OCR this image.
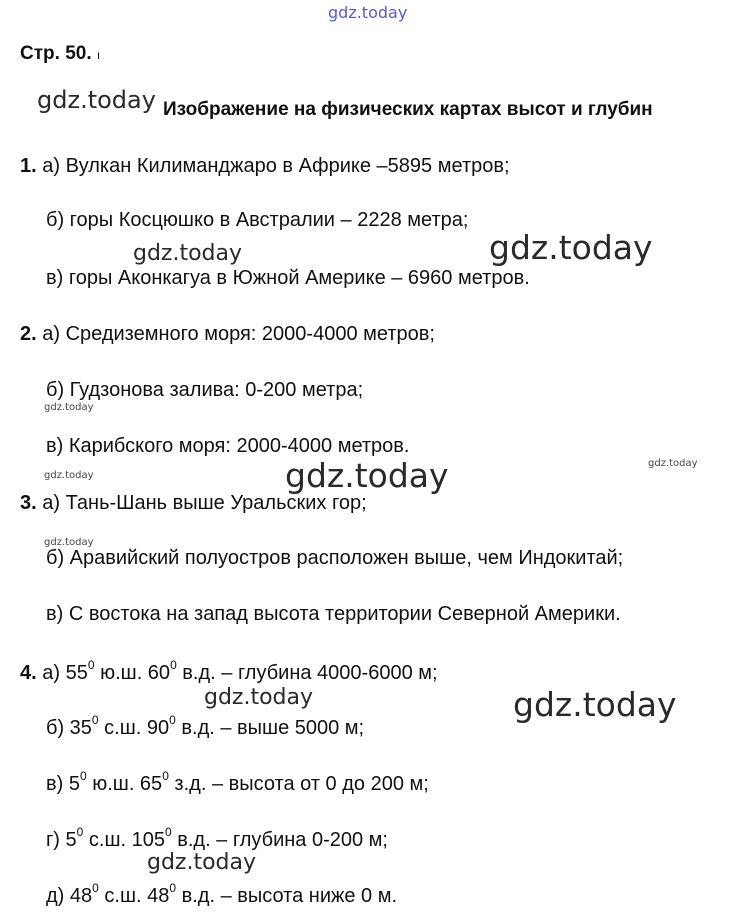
gdz.today
gdz.today
gdz.today	gdz.today
gdz.today
gdz.today	gdz.today	gdz.today
gdz.today
gdz.today	gdz.today
gdz.today
Стр. 50. ı
Изображение на физических картах высот и глубин
1. а) Вулкан Килиманджаро в Африке –5895 метров;
б) горы Косцюшко в Австралии – 2228 метра;
в) горы Аконкагуа в Южной Америке – 6960 метров.
2. а) Средиземного моря: 2000-4000 метров;
б) Гудзонова залива: 0-200 метра;
в) Карибского моря: 2000-4000 метров.
3. а) Тань-Шань выше Уральских гор;
б) Аравийский полуостров расположен выше, чем Индокитай;
в) С востока на запад высота территории Северной Америки.
4. а) $55^0$ ю.ш. $60^0$ в.д. – глубина 4000-6000 м;
б) $35^0$ с.ш. $90^0$ в.д. – выше 5000 м;
в) $5^0$ ю.ш. $65^0$ з.д. – высота от 0 до 200 м;
г) $5^0$ с.ш. $105^0$ в.д. – глубина 0-200 м;
д) $48^0$ с.ш. $48^0$ в.д. – высота ниже 0 м.
